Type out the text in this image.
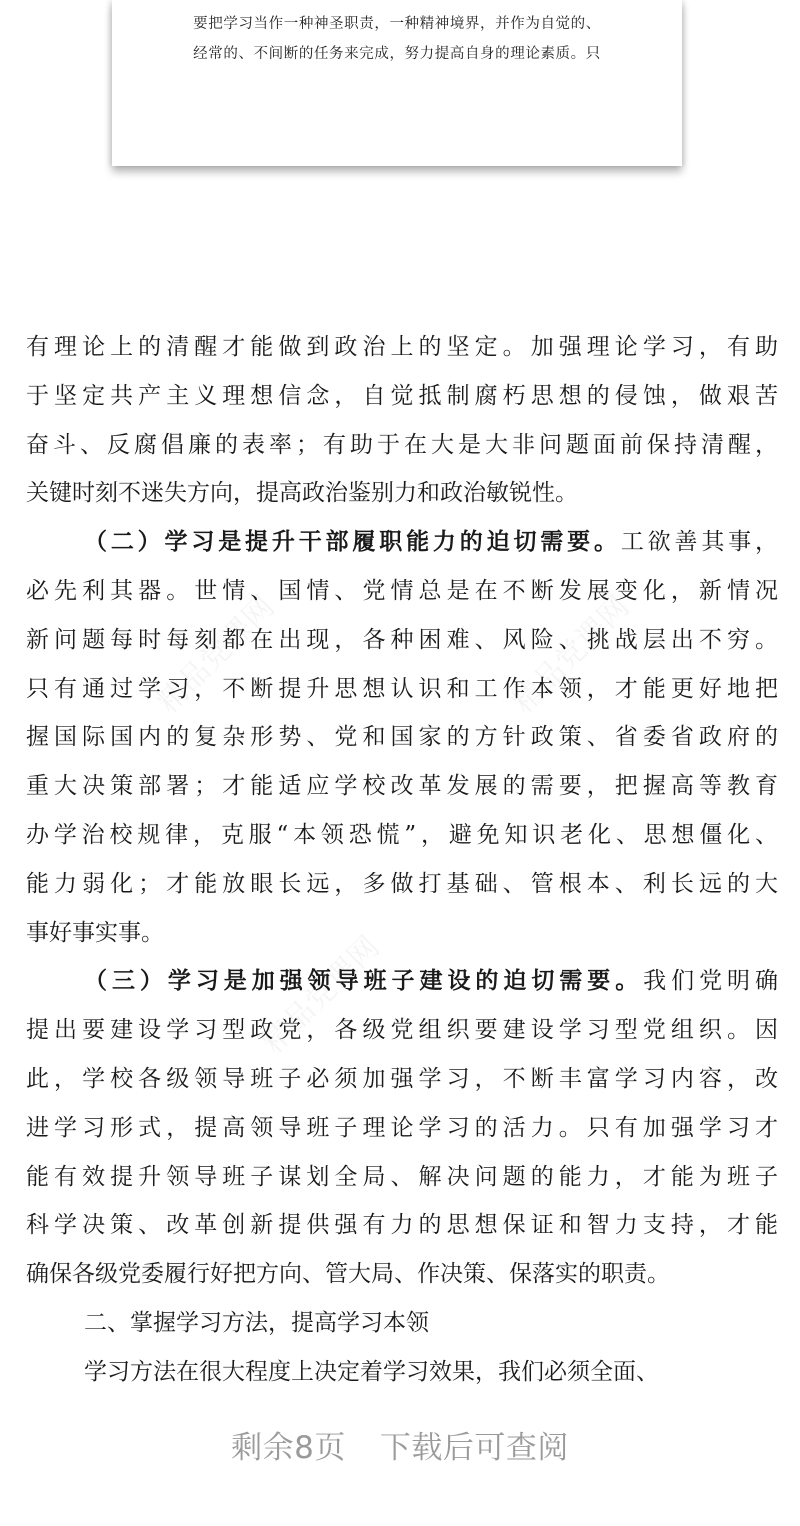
要把学习当作一种神圣职责，一种精神境界，并作为自觉的、
经常的、不间断的任务来完成，努力提高自身的理论素质。只
有理论上的清醒才能做到政治上的坚定。加强理论学习，有助
于坚定共产主义理想信念，自觉抵制腐朽思想的侵蚀，做艰苦
奋斗、反腐倡廉的表率；有助于在大是大非问题面前保持清醒，
关键时刻不迷失方向，提高政治鉴别力和政治敏锐性。
（二）学习是提升干部履职能力的迫切需要。工欲善其事，
必先利其器。世情、国情、党情总是在不断发展变化，新情况
新问题每时每刻都在出现，各种困难、风险、挑战层出不穷。
只有通过学习，不断提升思想认识和工作本领，才能更好地把
握国际国内的复杂形势、党和国家的方针政策、省委省政府的
重大决策部署；才能适应学校改革发展的需要，把握高等教育
办学治校规律，克服“本领恐慌”，避免知识老化、思想僵化、
能力弱化；才能放眼长远，多做打基础、管根本、利长远的大
事好事实事。
（三）学习是加强领导班子建设的迫切需要。我们党明确
提出要建设学习型政党，各级党组织要建设学习型党组织。因
此，学校各级领导班子必须加强学习，不断丰富学习内容，改
进学习形式，提高领导班子理论学习的活力。只有加强学习才
能有效提升领导班子谋划全局、解决问题的能力，才能为班子
科学决策、改革创新提供强有力的思想保证和智力支持，才能
确保各级党委履行好把方向、管大局、作决策、保落实的职责。
二、掌握学习方法，提高学习本领
学习方法在很大程度上决定着学习效果，我们必须全面、
剩余8页 下载后可查阅
